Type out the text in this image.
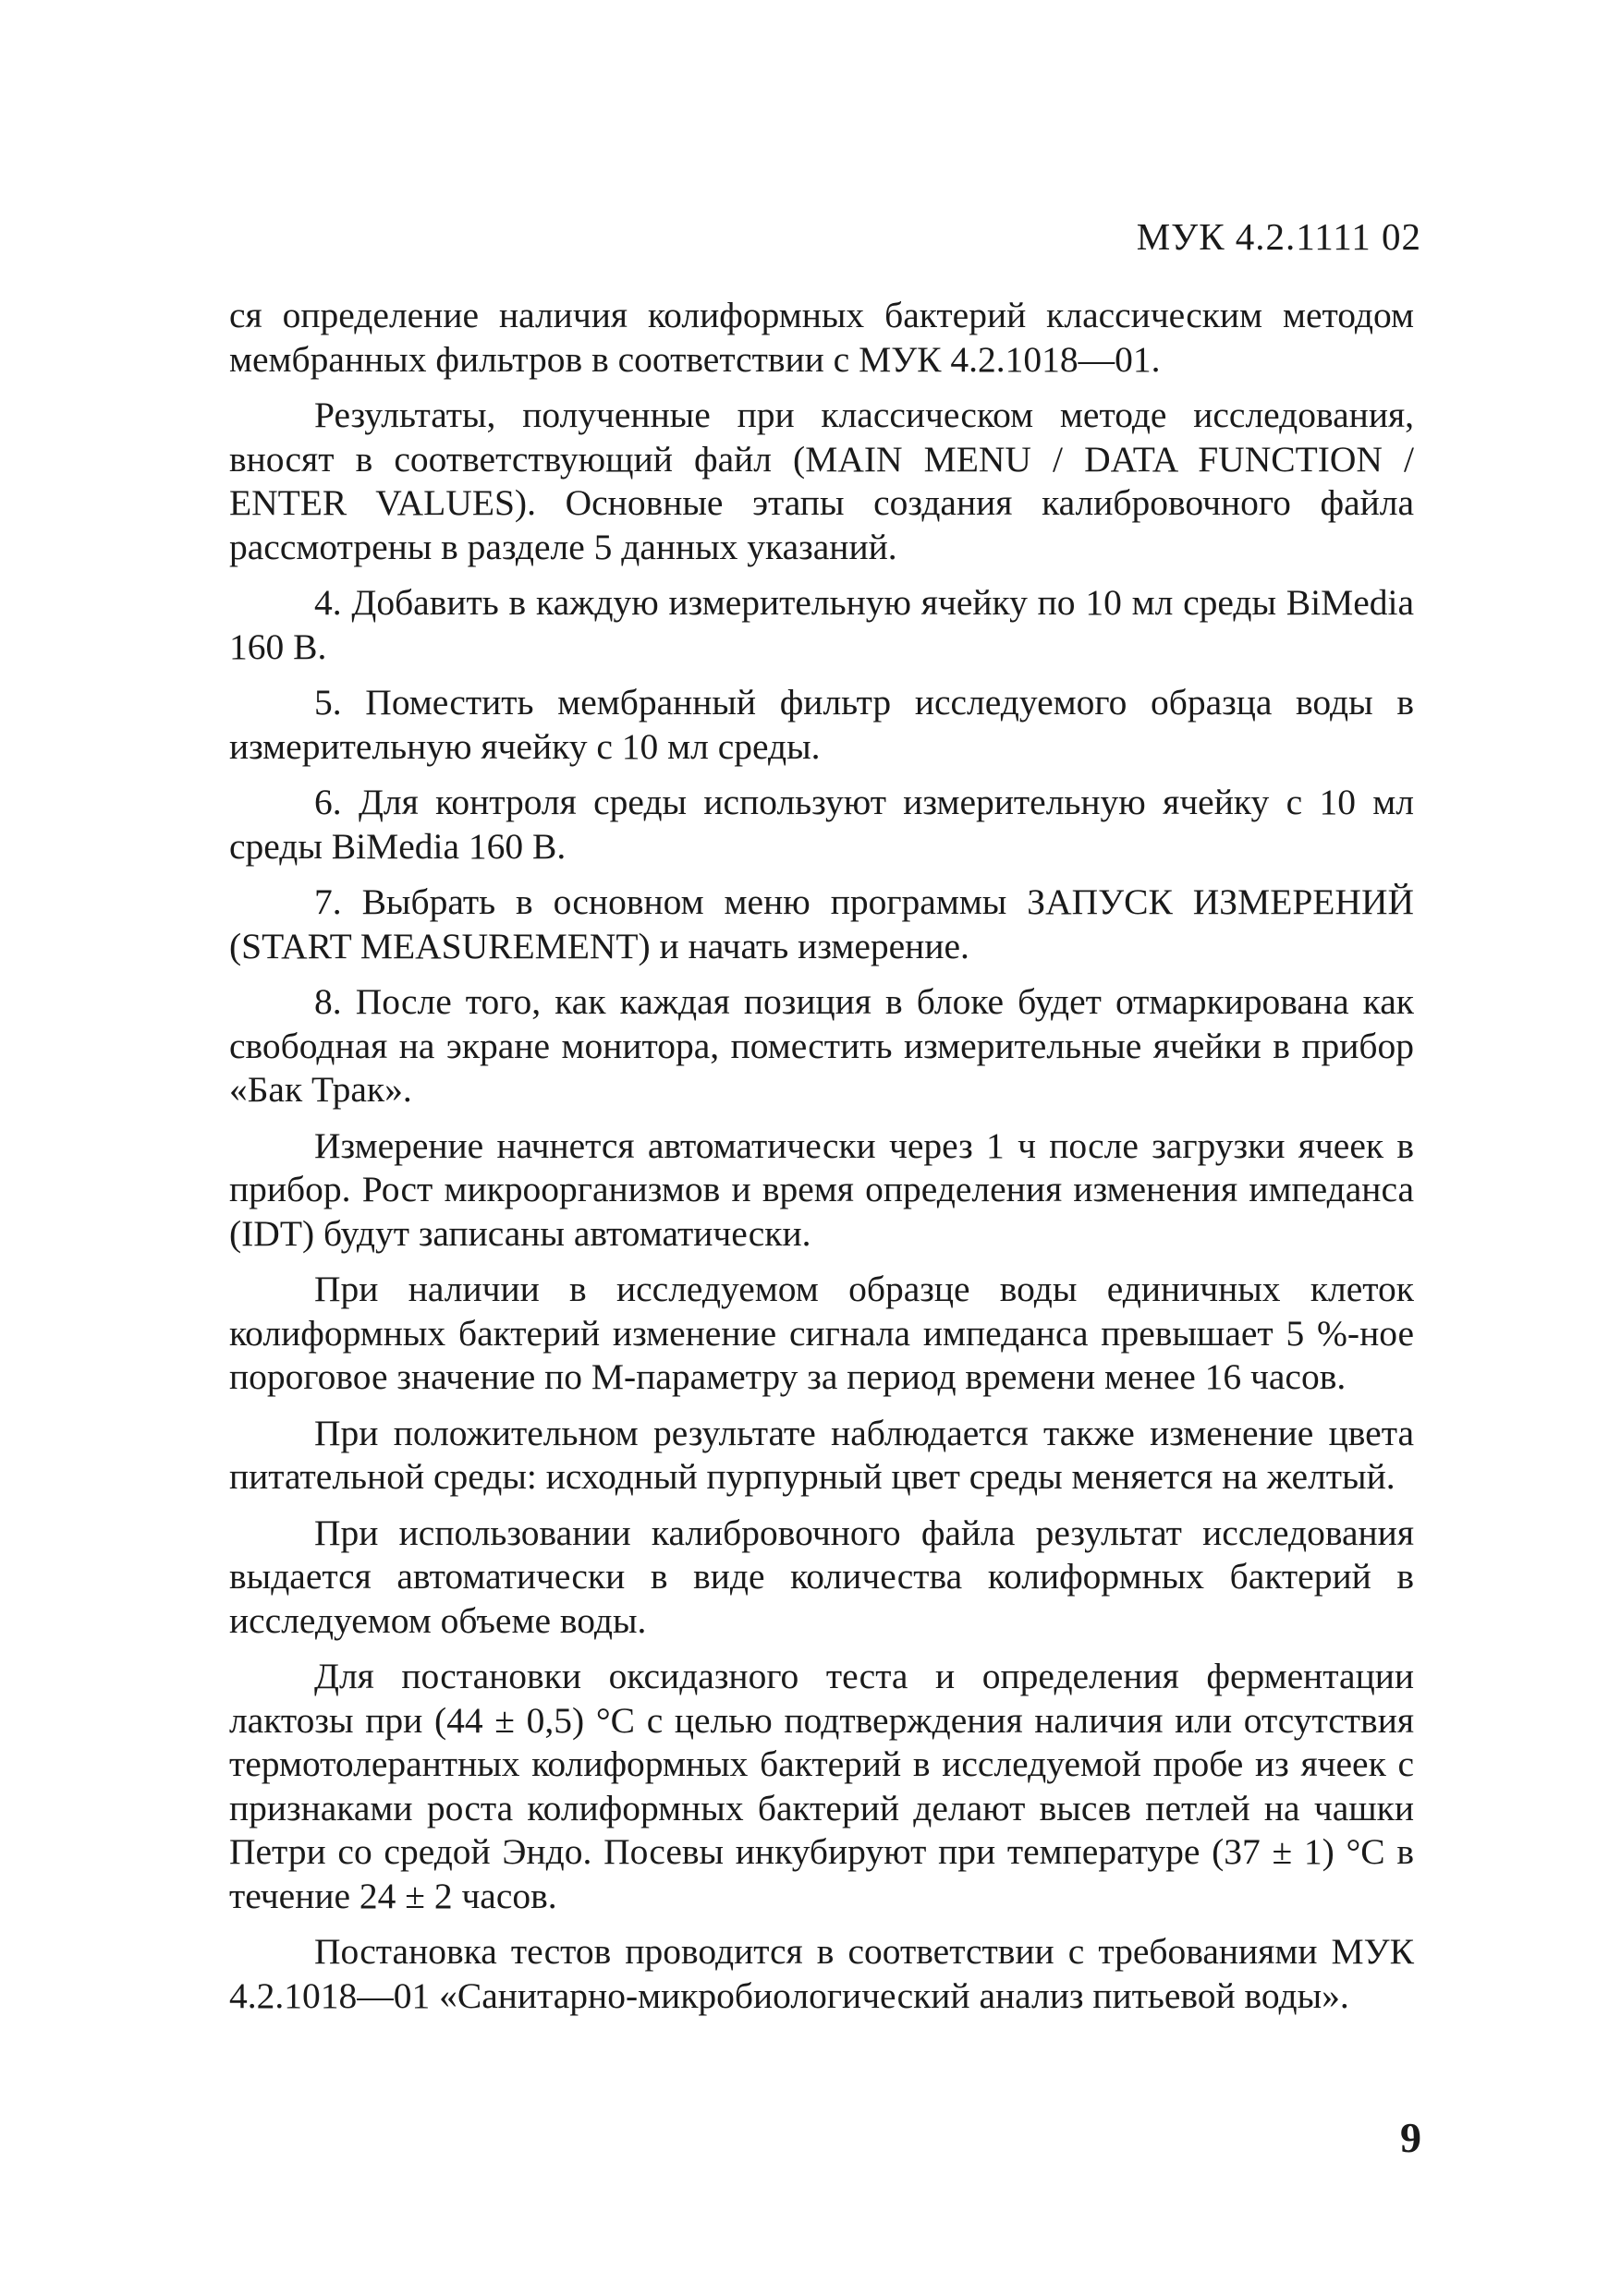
МУК 4.2.1111 02

ся определение наличия колиформных бактерий классическим методом мембранных фильтров в соответствии с МУК 4.2.1018—01.

Результаты, полученные при классическом методе исследования, вносят в соответствующий файл (MAIN MENU / DATA FUNCTION / ENTER VALUES). Основные этапы создания калибровочного файла рассмотрены в разделе 5 данных указаний.

4. Добавить в каждую измерительную ячейку по 10 мл среды BiMedia 160 В.

5. Поместить мембранный фильтр исследуемого образца воды в измерительную ячейку с 10 мл среды.

6. Для контроля среды используют измерительную ячейку с 10 мл среды BiMedia 160 В.

7. Выбрать в основном меню программы ЗАПУСК ИЗМЕРЕНИЙ (START MEASUREMENT) и начать измерение.

8. После того, как каждая позиция в блоке будет отмаркирована как свободная на экране монитора, поместить измерительные ячейки в прибор «Бак Трак».

Измерение начнется автоматически через 1 ч после загрузки ячеек в прибор. Рост микроорганизмов и время определения изменения импеданса (IDT) будут записаны автоматически.

При наличии в исследуемом образце воды единичных клеток колиформных бактерий изменение сигнала импеданса превышает 5 %-ное пороговое значение по М-параметру за период времени менее 16 часов.

При положительном результате наблюдается также изменение цвета питательной среды: исходный пурпурный цвет среды меняется на желтый.

При использовании калибровочного файла результат исследования выдается автоматически в виде количества колиформных бактерий в исследуемом объеме воды.

Для постановки оксидазного теста и определения ферментации лактозы при (44 ± 0,5) °С с целью подтверждения наличия или отсутствия термотолерантных колиформных бактерий в исследуемой пробе из ячеек с признаками роста колиформных бактерий делают высев петлей на чашки Петри со средой Эндо. Посевы инкубируют при температуре (37 ± 1) °С в течение 24 ± 2 часов.

Постановка тестов проводится в соответствии с требованиями МУК 4.2.1018—01 «Санитарно-микробиологический анализ питьевой воды».

9
